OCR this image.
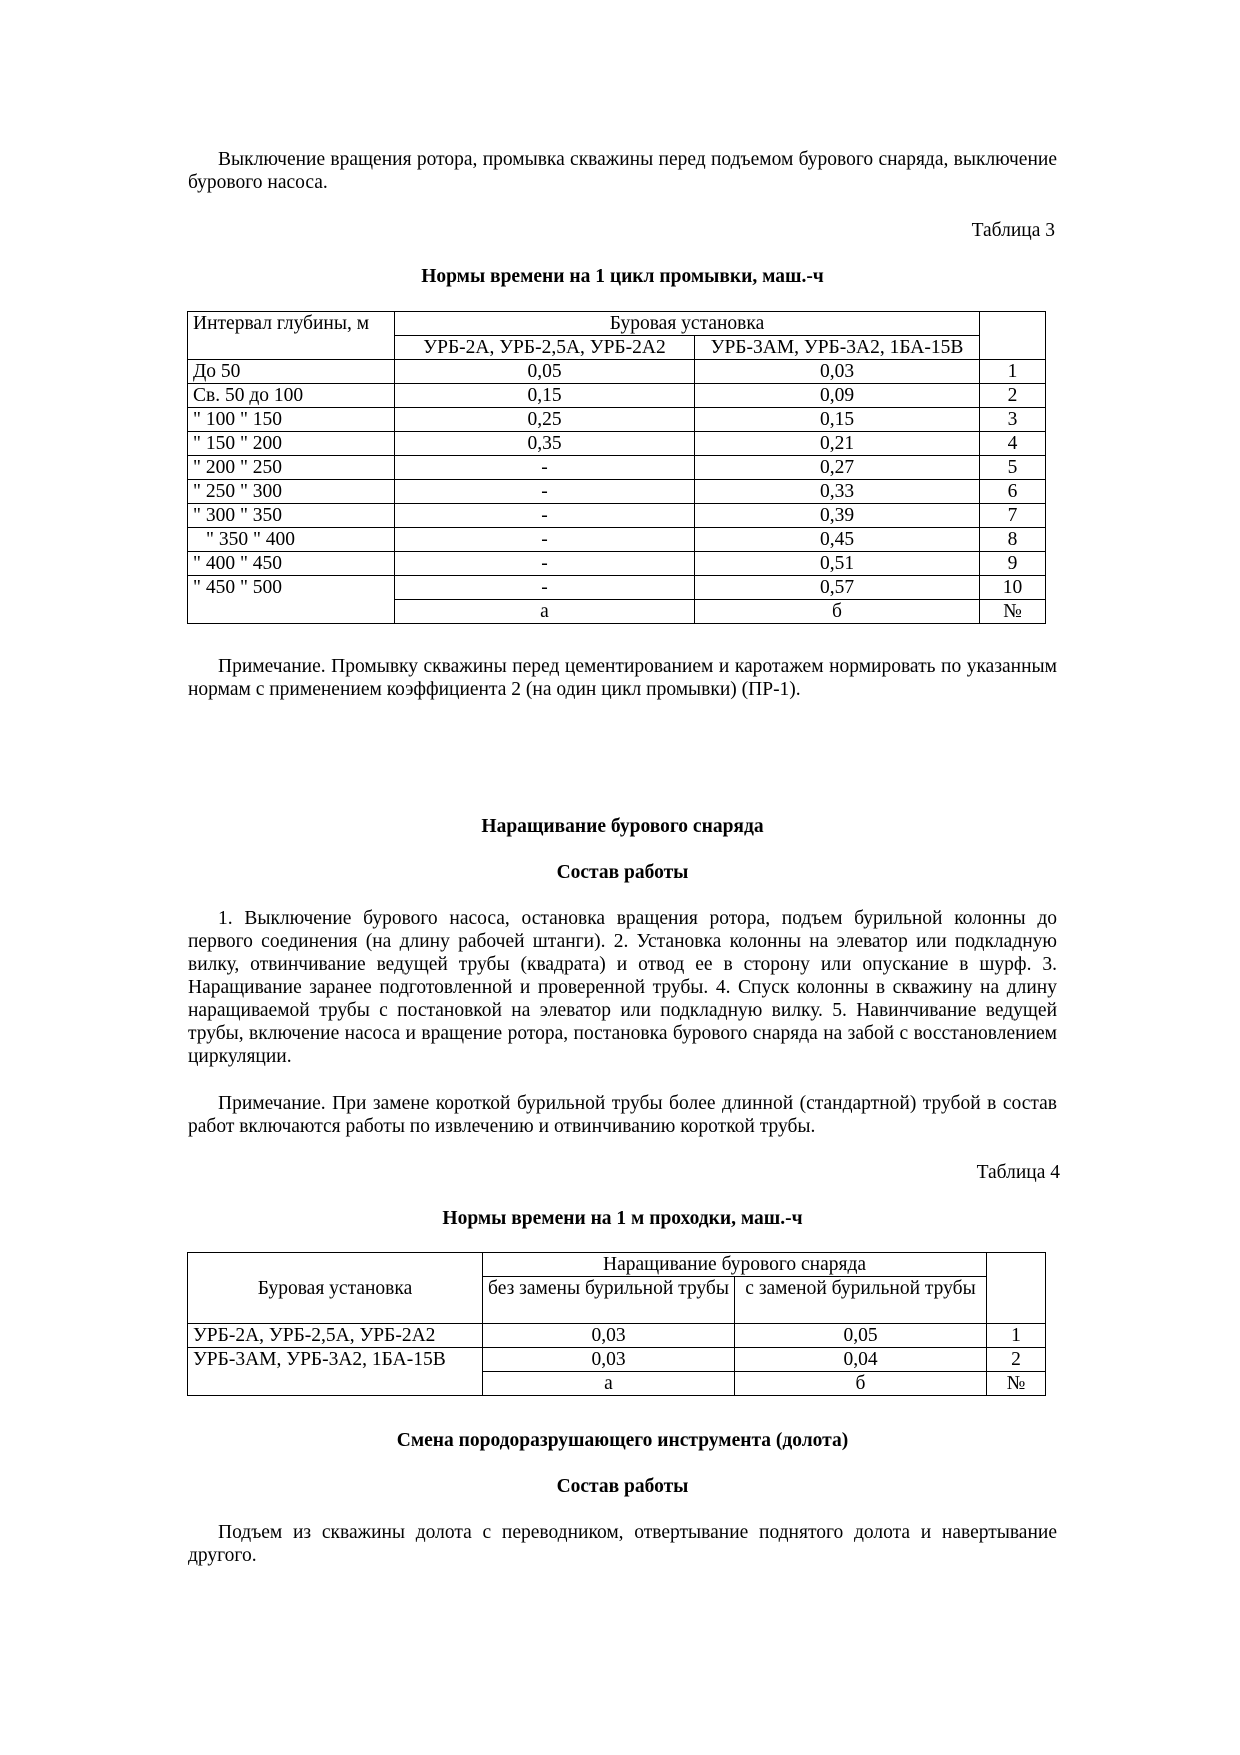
Выключение вращения ротора, промывка скважины перед подъемом бурового снаряда, выключение бурового насоса.

Таблица 3
Нормы времени на 1 цикл промывки, маш.-ч
Интервал глубины, м	Буровая установка		
	УРБ-2А, УРБ-2,5А, УРБ-2А2	УРБ-3АМ, УРБ-3А2, 1БА-15В	
До 50	0,05	0,03	1
Св. 50 до 100	0,15	0,09	2
" 100 " 150	0,25	0,15	3
" 150 " 200	0,35	0,21	4
" 200 " 250	-	0,27	5
" 250 " 300	-	0,33	6
" 300 " 350	-	0,39	7
" 350 " 400	-	0,45	8
" 400 " 450	-	0,51	9
" 450 " 500	-	0,57	10
	а	б	№

Примечание. Промывку скважины перед цементированием и каротажем нормировать по указанным нормам с применением коэффициента 2 (на один цикл промывки) (ПР-1).

Наращивание бурового снаряда
Состав работы

1. Выключение бурового насоса, остановка вращения ротора, подъем бурильной колонны до первого соединения (на длину рабочей штанги). 2. Установка колонны на элеватор или подкладную вилку, отвинчивание ведущей трубы (квадрата) и отвод ее в сторону или опускание в шурф. 3. Наращивание заранее подготовленной и проверенной трубы. 4. Спуск колонны в скважину на длину наращиваемой трубы с постановкой на элеватор или подкладную вилку. 5. Навинчивание ведущей трубы, включение насоса и вращение ротора, постановка бурового снаряда на забой с восстановлением циркуляции.

Примечание. При замене короткой бурильной трубы более длинной (стандартной) трубой в состав работ включаются работы по извлечению и отвинчиванию короткой трубы.

Таблица 4
Нормы времени на 1 м проходки, маш.-ч
Буровая установка	Наращивание бурового снаряда		
	без замены бурильной трубы	с заменой бурильной трубы	
УРБ-2А, УРБ-2,5А, УРБ-2А2	0,03	0,05	1
УРБ-3АМ, УРБ-3А2, 1БА-15В	0,03	0,04	2
	а	б	№
Смена породоразрушающего инструмента (долота)
Состав работы

Подъем из скважины долота с переводником, отвертывание поднятого долота и навертывание другого.
